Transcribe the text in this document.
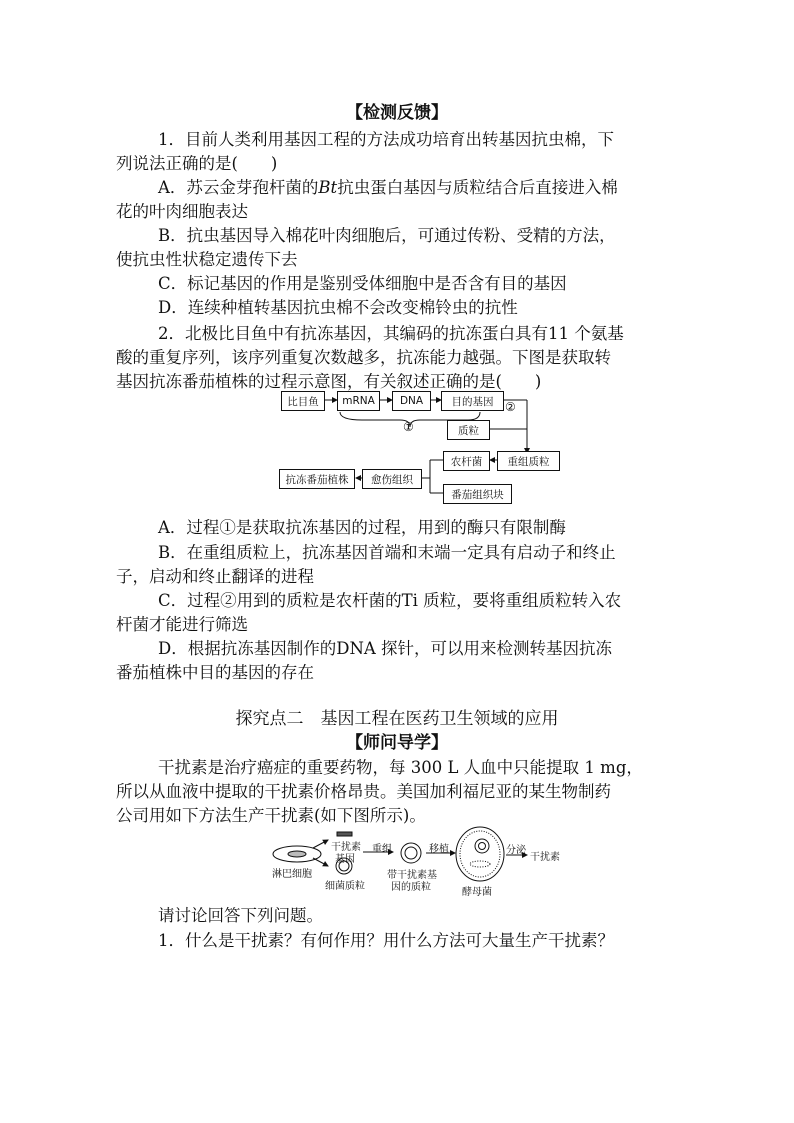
【检测反馈】
1．目前人类利用基因工程的方法成功培育出转基因抗虫棉，下
列说法正确的是(　　)
A．苏云金芽孢杆菌的Bt抗虫蛋白基因与质粒结合后直接进入棉
花的叶肉细胞表达
B．抗虫基因导入棉花叶肉细胞后，可通过传粉、受精的方法，
使抗虫性状稳定遗传下去
C．标记基因的作用是鉴别受体细胞中是否含有目的基因
D．连续种植转基因抗虫棉不会改变棉铃虫的抗性
2．北极比目鱼中有抗冻基因，其编码的抗冻蛋白具有11 个氨基
酸的重复序列，该序列重复次数越多，抗冻能力越强。下图是获取转
基因抗冻番茄植株的过程示意图，有关叙述正确的是(　　)
比目鱼	mRNA	DNA	目的基因
①
②
质粒
重组质粒
农杆菌
番茄组织块
愈伤组织
抗冻番茄植株
A．过程①是获取抗冻基因的过程，用到的酶只有限制酶
B．在重组质粒上，抗冻基因首端和末端一定具有启动子和终止
子，启动和终止翻译的进程
C．过程②用到的质粒是农杆菌的Ti 质粒，要将重组质粒转入农
杆菌才能进行筛选
D．根据抗冻基因制作的DNA 探针，可以用来检测转基因抗冻
番茄植株中目的基因的存在
探究点二　基因工程在医药卫生领域的应用
【师问导学】
干扰素是治疗癌症的重要药物，每 300 L 人血中只能提取 1 mg，
所以从血液中提取的干扰素价格昂贵。美国加利福尼亚的某生物制药
公司用如下方法生产干扰素(如下图所示)。
淋巴细胞
干扰素
基因
细菌质粒
重组
带干扰素基
因的质粒
移植
酵母菌
分泌
干扰素
请讨论回答下列问题。
1．什么是干扰素？有何作用？用什么方法可大量生产干扰素？
